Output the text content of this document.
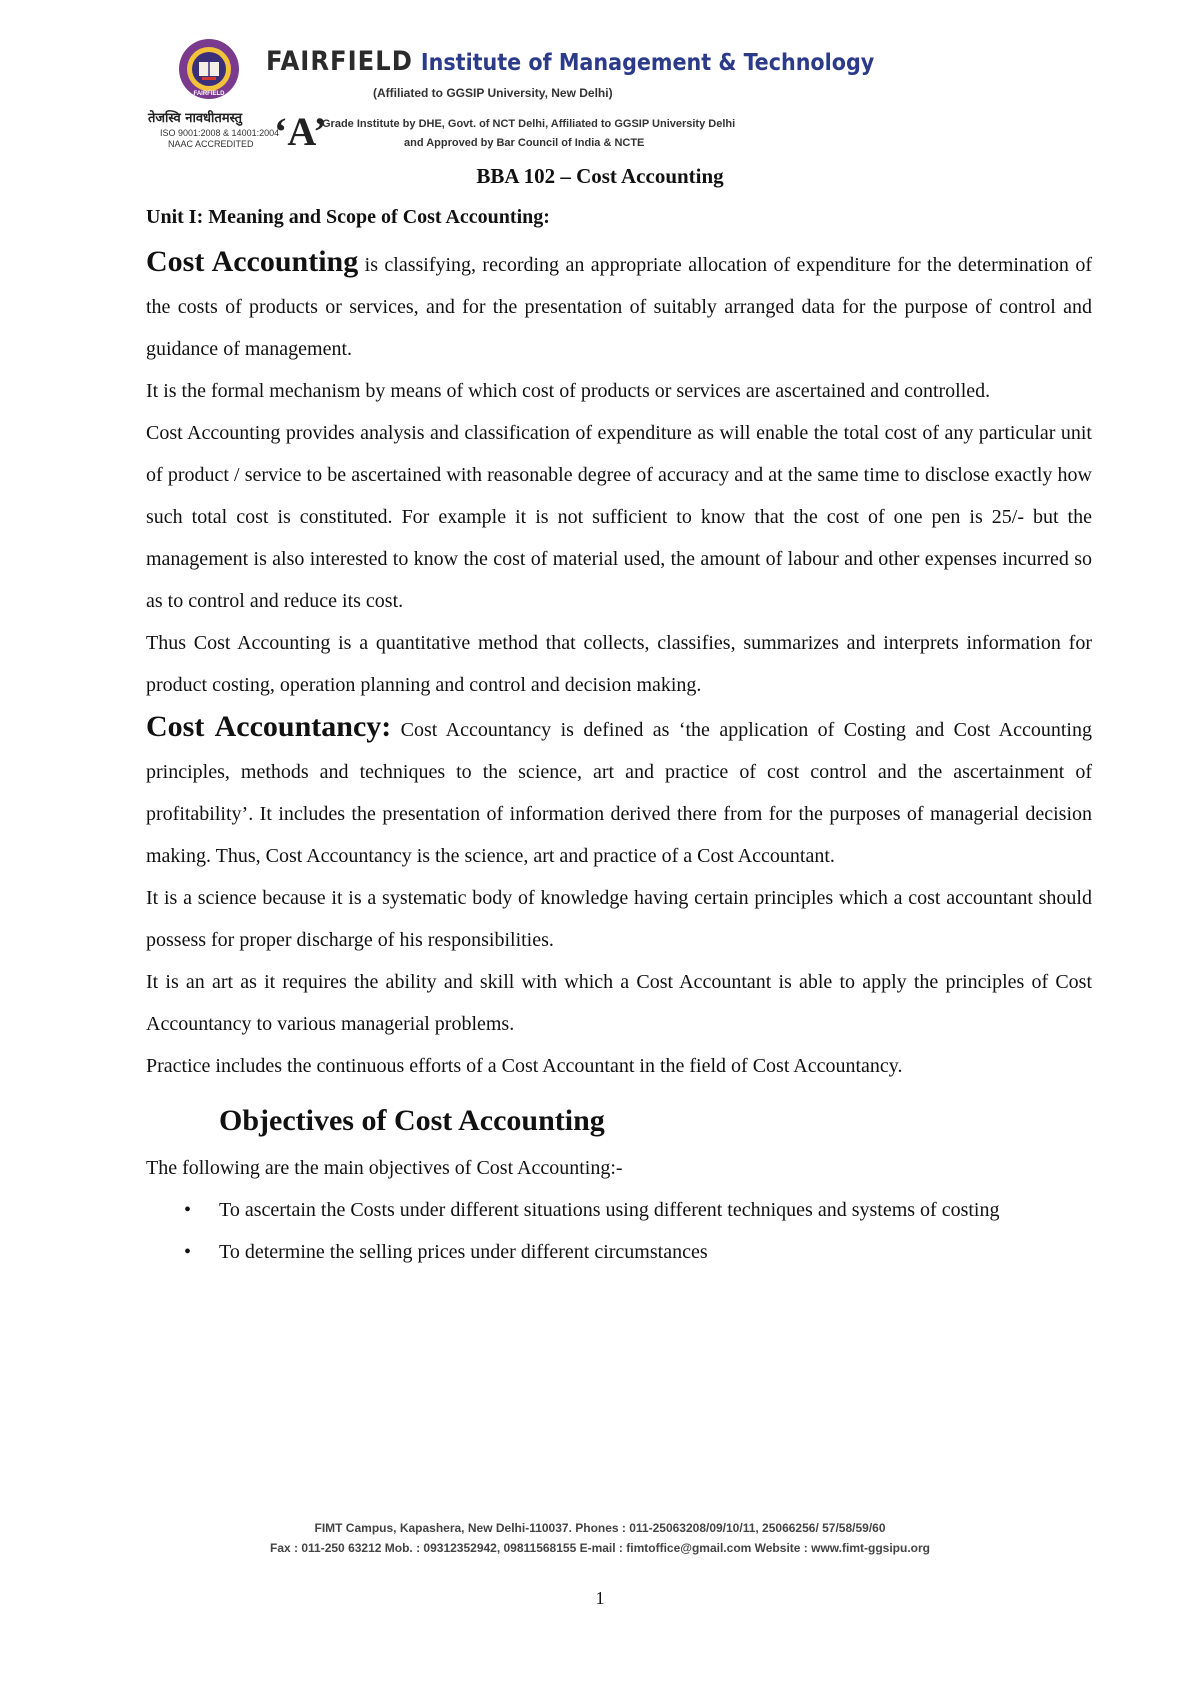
FAIRFIELD
तेजस्वि नावधीतमस्तु
ISO 9001:2008 & 14001:2004
NAAC ACCREDITED
FAIRFIELD Institute of Management & Technology
(Affiliated to GGSIP University, New Delhi)
‘A’
Grade Institute by DHE, Govt. of NCT Delhi, Affiliated to GGSIP University Delhi
and Approved by Bar Council of India & NCTE
BBA 102 – Cost Accounting
Unit I: Meaning and Scope of Cost Accounting:

Cost Accounting is classifying, recording an appropriate allocation of expenditure for the determination of the costs of products or services, and for the presentation of suitably arranged data for the purpose of control and guidance of management.

It is the formal mechanism by means of which cost of products or services are ascertained and controlled.

Cost Accounting provides analysis and classification of expenditure as will enable the total cost of any particular unit of product / service to be ascertained with reasonable degree of accuracy and at the same time to disclose exactly how such total cost is constituted. For example it is not sufficient to know that the cost of one pen is 25/- but the management is also interested to know the cost of material used, the amount of labour and other expenses incurred so as to control and reduce its cost.

Thus Cost Accounting is a quantitative method that collects, classifies, summarizes and interprets information for product costing, operation planning and control and decision making.

Cost Accountancy: Cost Accountancy is defined as ‘the application of Costing and Cost Accounting principles, methods and techniques to the science, art and practice of cost control and the ascertainment of profitability’. It includes the presentation of information derived there from for the purposes of managerial decision making. Thus, Cost Accountancy is the science, art and practice of a Cost Accountant.

It is a science because it is a systematic body of knowledge having certain principles which a cost accountant should possess for proper discharge of his responsibilities.

It is an art as it requires the ability and skill with which a Cost Accountant is able to apply the principles of Cost Accountancy to various managerial problems.

Practice includes the continuous efforts of a Cost Accountant in the field of Cost Accountancy.

Objectives of Cost Accounting

The following are the main objectives of Cost Accounting:-

• To ascertain the Costs under different situations using different techniques and systems of costing
• To determine the selling prices under different circumstances
FIMT Campus, Kapashera, New Delhi-110037. Phones : 011-25063208/09/10/11, 25066256/ 57/58/59/60
Fax : 011-250 63212 Mob. : 09312352942, 09811568155 E-mail : fimtoffice@gmail.com Website : www.fimt-ggsipu.org
1
